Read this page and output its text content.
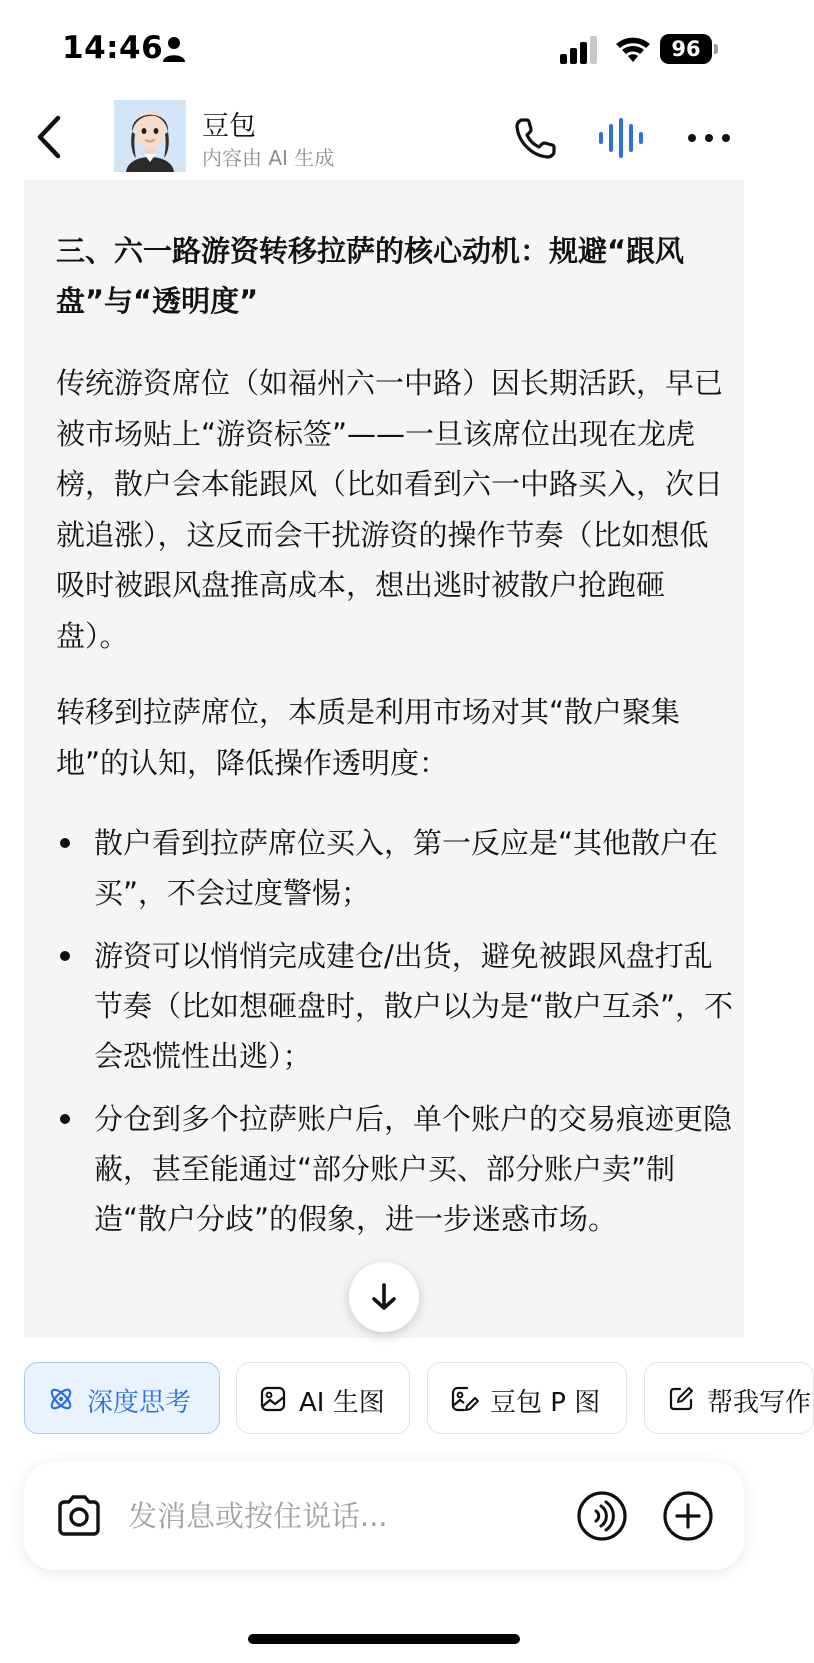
14:46	96
豆包
内容由 AI 生成
三、六一路游资转移拉萨的核心动机：规避“跟风盘”与“透明度”
传统游资席位（如福州六一中路）因长期活跃，早已被市场贴上“游资标签”——一旦该席位出现在龙虎榜，散户会本能跟风（比如看到六一中路买入，次日就追涨），这反而会干扰游资的操作节奏（比如想低吸时被跟风盘推高成本，想出逃时被散户抢跑砸盘）。
转移到拉萨席位，本质是利用市场对其“散户聚集地”的认知，降低操作透明度：
散户看到拉萨席位买入，第一反应是“其他散户在买”，不会过度警惕；
游资可以悄悄完成建仓/出货，避免被跟风盘打乱节奏（比如想砸盘时，散户以为是“散户互杀”，不会恐慌性出逃）；
分仓到多个拉萨账户后，单个账户的交易痕迹更隐蔽，甚至能通过“部分账户买、部分账户卖”制造“散户分歧”的假象，进一步迷惑市场。
深度思考	AI 生图	豆包 P 图	帮我写作
发消息或按住说话...
